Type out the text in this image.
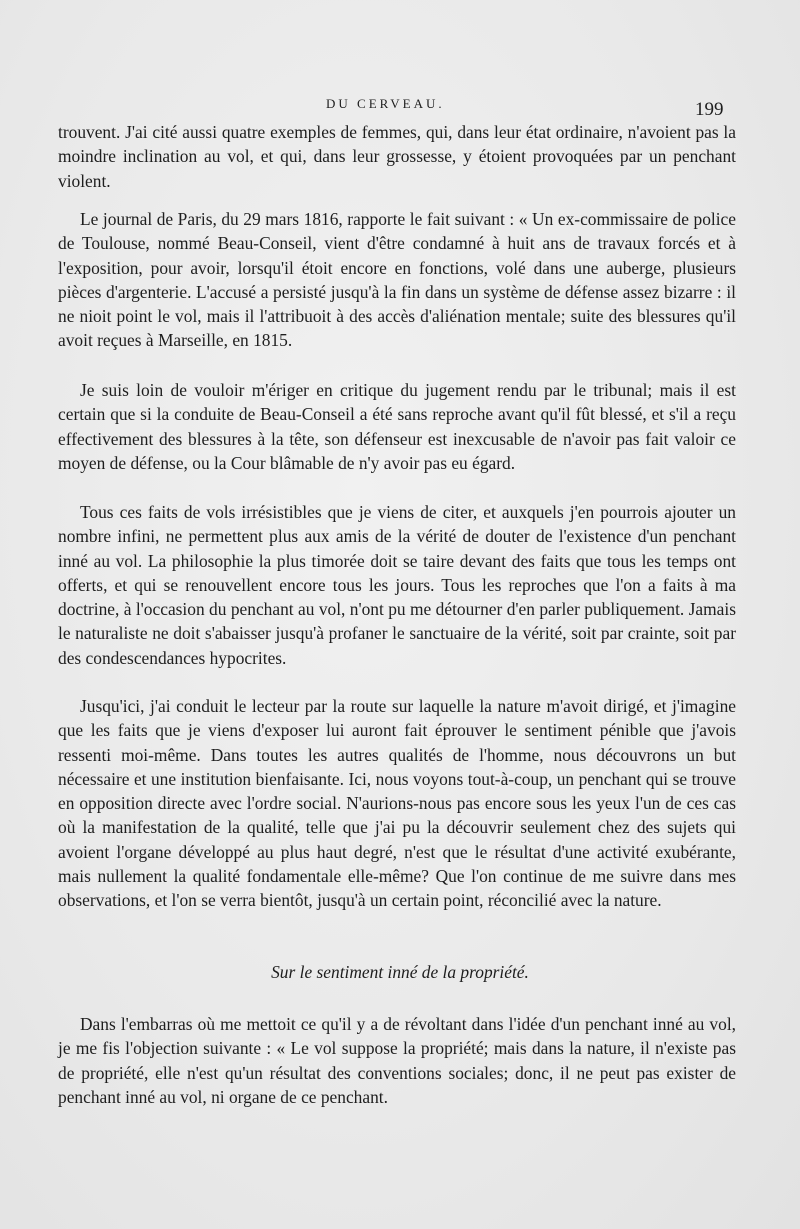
DU CERVEAU.	199

trouvent. J'ai cité aussi quatre exemples de femmes, qui, dans leur état ordinaire, n'avoient pas la moindre inclination au vol, et qui, dans leur grossesse, y étoient provoquées par un penchant violent.

Le journal de Paris, du 29 mars 1816, rapporte le fait suivant : « Un ex-commissaire de police de Toulouse, nommé Beau-Conseil, vient d'être condamné à huit ans de travaux forcés et à l'exposition, pour avoir, lorsqu'il étoit encore en fonctions, volé dans une auberge, plusieurs pièces d'argenterie. L'accusé a persisté jusqu'à la fin dans un système de défense assez bizarre : il ne nioit point le vol, mais il l'attribuoit à des accès d'aliénation mentale; suite des blessures qu'il avoit reçues à Marseille, en 1815.

Je suis loin de vouloir m'ériger en critique du jugement rendu par le tribunal; mais il est certain que si la conduite de Beau-Conseil a été sans reproche avant qu'il fût blessé, et s'il a reçu effectivement des blessures à la tête, son défenseur est inexcusable de n'avoir pas fait valoir ce moyen de défense, ou la Cour blâmable de n'y avoir pas eu égard.

Tous ces faits de vols irrésistibles que je viens de citer, et auxquels j'en pourrois ajouter un nombre infini, ne permettent plus aux amis de la vérité de douter de l'existence d'un penchant inné au vol. La philosophie la plus timorée doit se taire devant des faits que tous les temps ont offerts, et qui se renouvellent encore tous les jours. Tous les reproches que l'on a faits à ma doctrine, à l'occasion du penchant au vol, n'ont pu me détourner d'en parler publiquement. Jamais le naturaliste ne doit s'abaisser jusqu'à profaner le sanctuaire de la vérité, soit par crainte, soit par des condescendances hypocrites.

Jusqu'ici, j'ai conduit le lecteur par la route sur laquelle la nature m'avoit dirigé, et j'imagine que les faits que je viens d'exposer lui auront fait éprouver le sentiment pénible que j'avois ressenti moi-même. Dans toutes les autres qualités de l'homme, nous découvrons un but nécessaire et une institution bienfaisante. Ici, nous voyons tout-à-coup, un penchant qui se trouve en opposition directe avec l'ordre social. N'aurions-nous pas encore sous les yeux l'un de ces cas où la manifestation de la qualité, telle que j'ai pu la découvrir seulement chez des sujets qui avoient l'organe développé au plus haut degré, n'est que le résultat d'une activité exubérante, mais nullement la qualité fondamentale elle-même? Que l'on continue de me suivre dans mes observations, et l'on se verra bientôt, jusqu'à un certain point, réconcilié avec la nature.

Sur le sentiment inné de la propriété.

Dans l'embarras où me mettoit ce qu'il y a de révoltant dans l'idée d'un penchant inné au vol, je me fis l'objection suivante : « Le vol suppose la propriété; mais dans la nature, il n'existe pas de propriété, elle n'est qu'un résultat des conventions sociales; donc, il ne peut pas exister de penchant inné au vol, ni organe de ce penchant.
